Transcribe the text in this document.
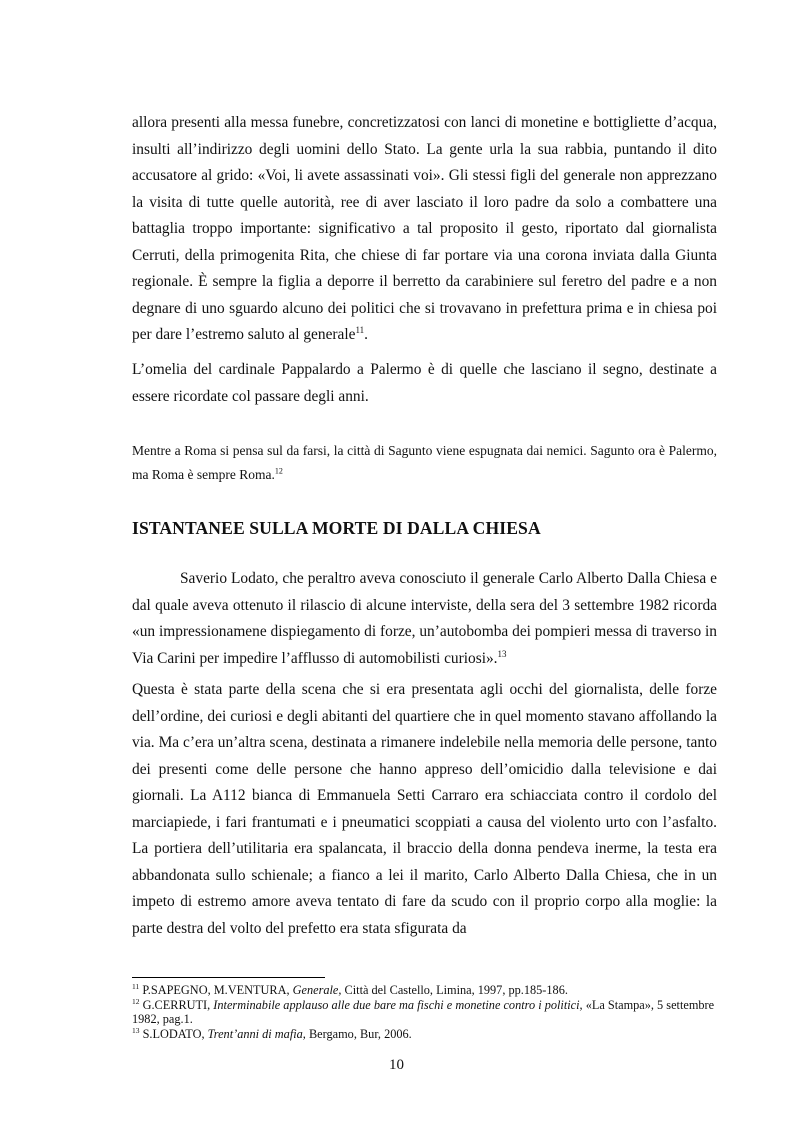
allora presenti alla messa funebre, concretizzatosi con lanci di monetine e bottigliette d’acqua, insulti all’indirizzo degli uomini dello Stato. La gente urla la sua rabbia, puntando il dito accusatore al grido: «Voi, li avete assassinati voi». Gli stessi figli del generale non apprezzano la visita di tutte quelle autorità, ree di aver lasciato il loro padre da solo a combattere una battaglia troppo importante: significativo a tal proposito il gesto, riportato dal giornalista Cerruti, della primogenita Rita, che chiese di far portare via una corona inviata dalla Giunta regionale. È sempre la figlia a deporre il berretto da carabiniere sul feretro del padre e a non degnare di uno sguardo alcuno dei politici che si trovavano in prefettura prima e in chiesa poi per dare l’estremo saluto al generale$^{11}$.

L’omelia del cardinale Pappalardo a Palermo è di quelle che lasciano il segno, destinate a essere ricordate col passare degli anni.

Mentre a Roma si pensa sul da farsi, la città di Sagunto viene espugnata dai nemici. Sagunto ora è Palermo, ma Roma è sempre Roma.$^{12}$

ISTANTANEE SULLA MORTE DI DALLA CHIESA

Saverio Lodato, che peraltro aveva conosciuto il generale Carlo Alberto Dalla Chiesa e dal quale aveva ottenuto il rilascio di alcune interviste, della sera del 3 settembre 1982 ricorda «un impressionamene dispiegamento di forze, un’autobomba dei pompieri messa di traverso in Via Carini per impedire l’afflusso di automobilisti curiosi».$^{13}$

Questa è stata parte della scena che si era presentata agli occhi del giornalista, delle forze dell’ordine, dei curiosi e degli abitanti del quartiere che in quel momento stavano affollando la via. Ma c’era un’altra scena, destinata a rimanere indelebile nella memoria delle persone, tanto dei presenti come delle persone che hanno appreso dell’omicidio dalla televisione e dai giornali. La A112 bianca di Emmanuela Setti Carraro era schiacciata contro il cordolo del marciapiede, i fari frantumati e i pneumatici scoppiati a causa del violento urto con l’asfalto. La portiera dell’utilitaria era spalancata, il braccio della donna pendeva inerme, la testa era abbandonata sullo schienale; a fianco a lei il marito, Carlo Alberto Dalla Chiesa, che in un impeto di estremo amore aveva tentato di fare da scudo con il proprio corpo alla moglie: la parte destra del volto del prefetto era stata sfigurata da

$^{11}$ P.SAPEGNO, M.VENTURA, Generale, Città del Castello, Limina, 1997, pp.185-186.

$^{12}$ G.CERRUTI, Interminabile applauso alle due bare ma fischi e monetine contro i politici, «La Stampa», 5 settembre 1982, pag.1.

$^{13}$ S.LODATO, Trent’anni di mafia, Bergamo, Bur, 2006.

10
